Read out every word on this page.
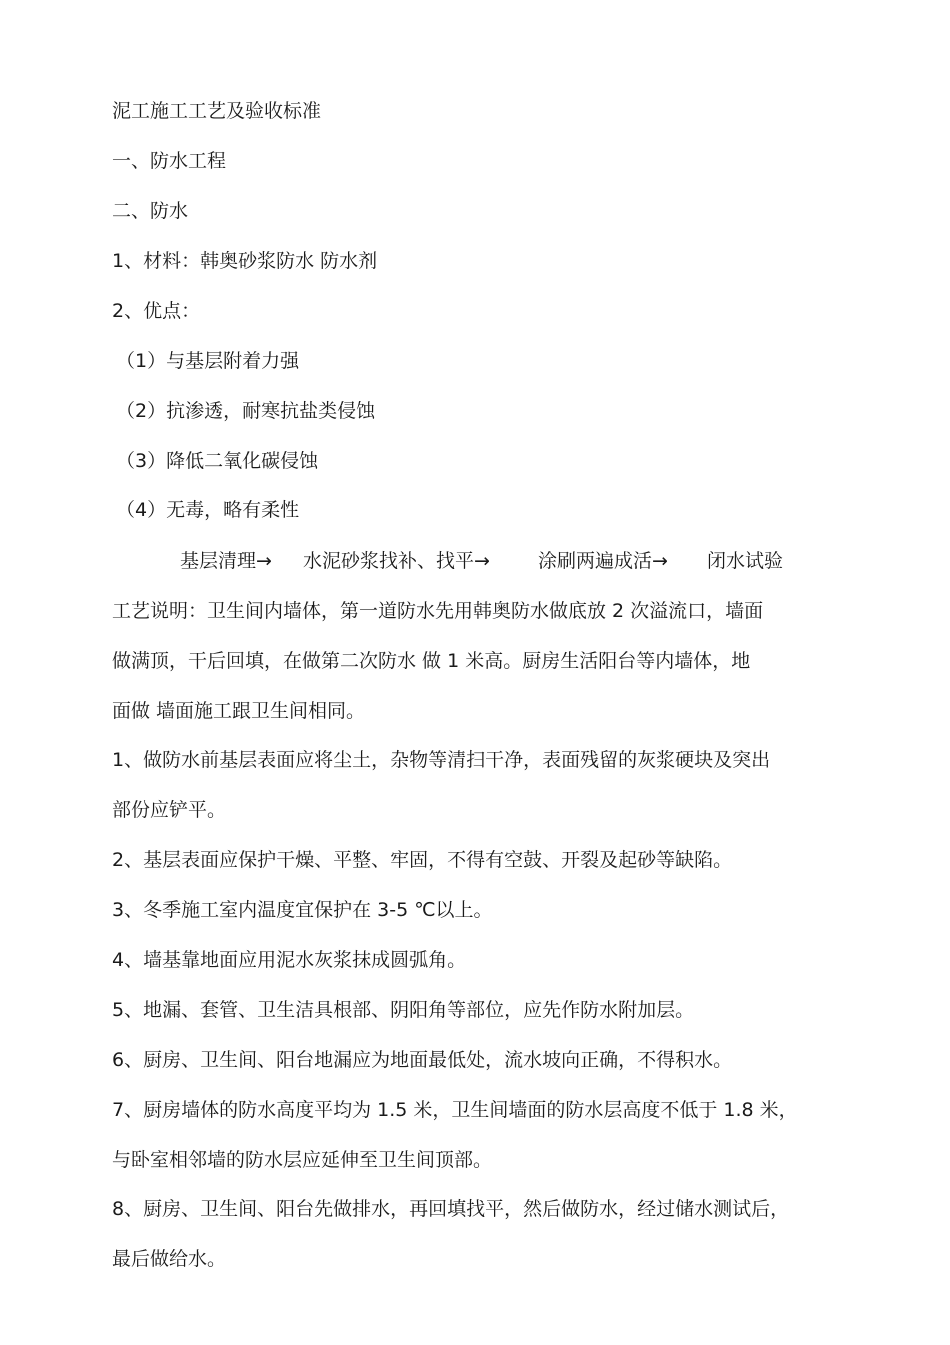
泥工施工工艺及验收标准
一、防水工程
二、防水
1、材料：韩奥砂浆防水 防水剂
2、优点：
（1）与基层附着力强
（2）抗渗透，耐寒抗盐类侵蚀
（3）降低二氧化碳侵蚀
（4）无毒，略有柔性
基层清理→ 水泥砂浆找补、找平→	涂刷两遍成活→ 闭水试验
工艺说明：卫生间内墙体，第一道防水先用韩奥防水做底放 2 次溢流口，墙面
做满顶，干后回填，在做第二次防水 做 1 米高。厨房生活阳台等内墙体，地
面做 墙面施工跟卫生间相同。
1、做防水前基层表面应将尘土，杂物等清扫干净，表面残留的灰浆硬块及突出
部份应铲平。
2、基层表面应保护干燥、平整、牢固，不得有空鼓、开裂及起砂等缺陷。
3、冬季施工室内温度宜保护在 3-5 ℃以上。
4、墙基靠地面应用泥水灰浆抹成圆弧角。
5、地漏、套管、卫生洁具根部、阴阳角等部位，应先作防水附加层。
6、厨房、卫生间、阳台地漏应为地面最低处，流水坡向正确，不得积水。
7、厨房墙体的防水高度平均为 1.5 米，卫生间墙面的防水层高度不低于 1.8 米，
与卧室相邻墙的防水层应延伸至卫生间顶部。
8、厨房、卫生间、阳台先做排水，再回填找平，然后做防水，经过储水测试后，
最后做给水。
